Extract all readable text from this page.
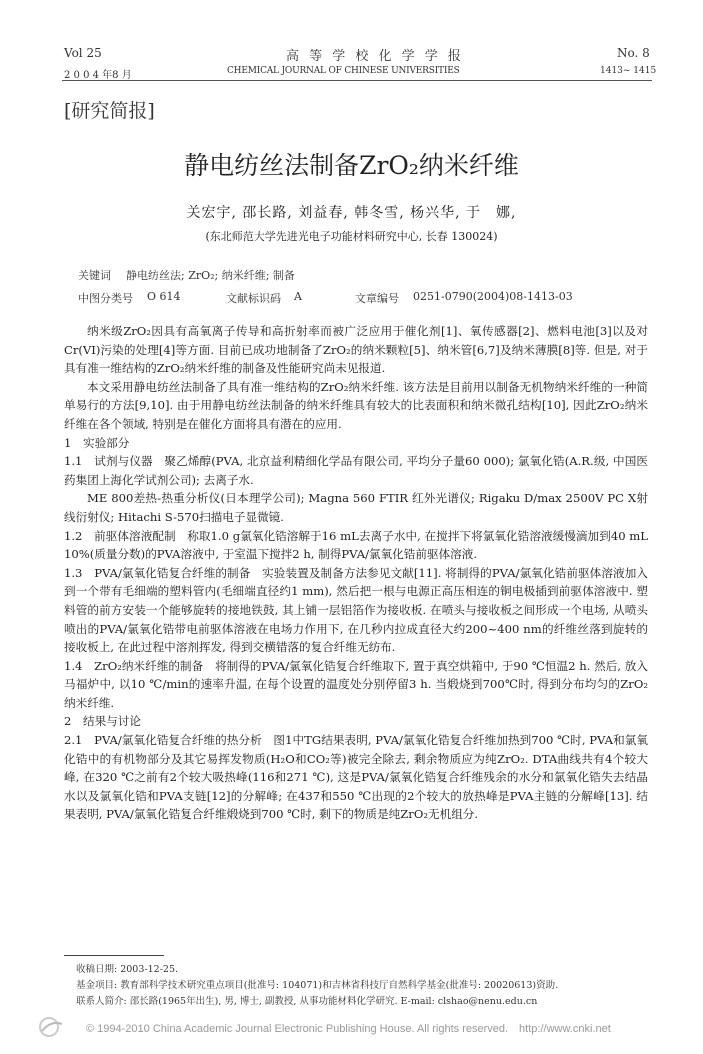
Vol 25	高 等 学 校 化 学 学 报	No. 8
2 0 0 4 年8 月	CHEMICAL JOURNAL OF CHINESE UNIVERSITIES	1413~ 1415
[研究简报]
静电纺丝法制备ZrO₂纳米纤维
关宏宇, 邵长路, 刘益春, 韩冬雪, 杨兴华, 于　娜,
(东北师范大学先进光电子功能材料研究中心, 长春 130024)
关键词 静电纺丝法; ZrO₂; 纳米纤维; 制备
中图分类号 O 614	文献标识码 A	文章编号 0251-0790(2004)08-1413-03

纳米级ZrO₂因具有高氧离子传导和高折射率而被广泛应用于催化剂[1]、氧传感器[2]、燃料电池[3]以及对Cr(VI)污染的处理[4]等方面. 目前已成功地制备了ZrO₂的纳米颗粒[5]、纳米管[6,7]及纳米薄膜[8]等. 但是, 对于具有准一维结构的ZrO₂纳米纤维的制备及性能研究尚未见报道.

本文采用静电纺丝法制备了具有准一维结构的ZrO₂纳米纤维. 该方法是目前用以制备无机物纳米纤维的一种简单易行的方法[9,10]. 由于用静电纺丝法制备的纳米纤维具有较大的比表面积和纳米微孔结构[10], 因此ZrO₂纳米纤维在各个领域, 特别是在催化方面将具有潜在的应用.

1　实验部分

1.1　试剂与仪器　聚乙烯醇(PVA, 北京益利精细化学品有限公司, 平均分子量60 000); 氯氧化锆(A.R.级, 中国医药集团上海化学试剂公司); 去离子水.

ME 800差热-热重分析仪(日本理学公司); Magna 560 FTIR 红外光谱仪; Rigaku D/max 2500V PC X射线衍射仪; Hitachi S-570扫描电子显微镜.

1.2　前驱体溶液配制　称取1.0 g氯氧化锆溶解于16 mL去离子水中, 在搅拌下将氯氧化锆溶液缓慢滴加到40 mL 10%(质量分数)的PVA溶液中, 于室温下搅拌2 h, 制得PVA/氯氧化锆前驱体溶液.

1.3　PVA/氯氧化锆复合纤维的制备　实验装置及制备方法参见文献[11]. 将制得的PVA/氯氧化锆前驱体溶液加入到一个带有毛细端的塑料管内(毛细端直径约1 mm), 然后把一根与电源正高压相连的铜电极插到前驱体溶液中. 塑料管的前方安装一个能够旋转的接地铁鼓, 其上铺一层铝箔作为接收板. 在喷头与接收板之间形成一个电场, 从喷头喷出的PVA/氯氧化锆带电前驱体溶液在电场力作用下, 在几秒内拉成直径大约200~400 nm的纤维丝落到旋转的接收板上, 在此过程中溶剂挥发, 得到交横错落的复合纤维无纺布.

1.4　ZrO₂纳米纤维的制备　将制得的PVA/氯氧化锆复合纤维取下, 置于真空烘箱中, 于90 ℃恒温2 h. 然后, 放入马福炉中, 以10 ℃/min的速率升温, 在每个设置的温度处分别停留3 h. 当煅烧到700℃时, 得到分布均匀的ZrO₂纳米纤维.

2　结果与讨论

2.1　PVA/氯氧化锆复合纤维的热分析　图1中TG结果表明, PVA/氯氧化锆复合纤维加热到700 ℃时, PVA和氯氧化锆中的有机物部分及其它易挥发物质(H₂O和CO₂等)被完全除去, 剩余物质应为纯ZrO₂. DTA曲线共有4个较大峰, 在320 ℃之前有2个较大吸热峰(116和271 ℃), 这是PVA/氯氧化锆复合纤维残余的水分和氯氧化锆失去结晶水以及氯氧化锆和PVA支链[12]的分解峰; 在437和550 ℃出现的2个较大的放热峰是PVA主链的分解峰[13]. 结果表明, PVA/氯氧化锆复合纤维煅烧到700 ℃时, 剩下的物质是纯ZrO₂无机组分.

收稿日期: 2003-12-25.
基金项目: 教育部科学技术研究重点项目(批准号: 104071)和吉林省科技厅自然科学基金(批准号: 20020613)资助.
联系人简介: 邵长路(1965年出生), 男, 博士, 副教授, 从事功能材料化学研究. E-mail: clshao@nenu.edu.cn
© 1994-2010 China Academic Journal Electronic Publishing House. All rights reserved.　http://www.cnki.net
